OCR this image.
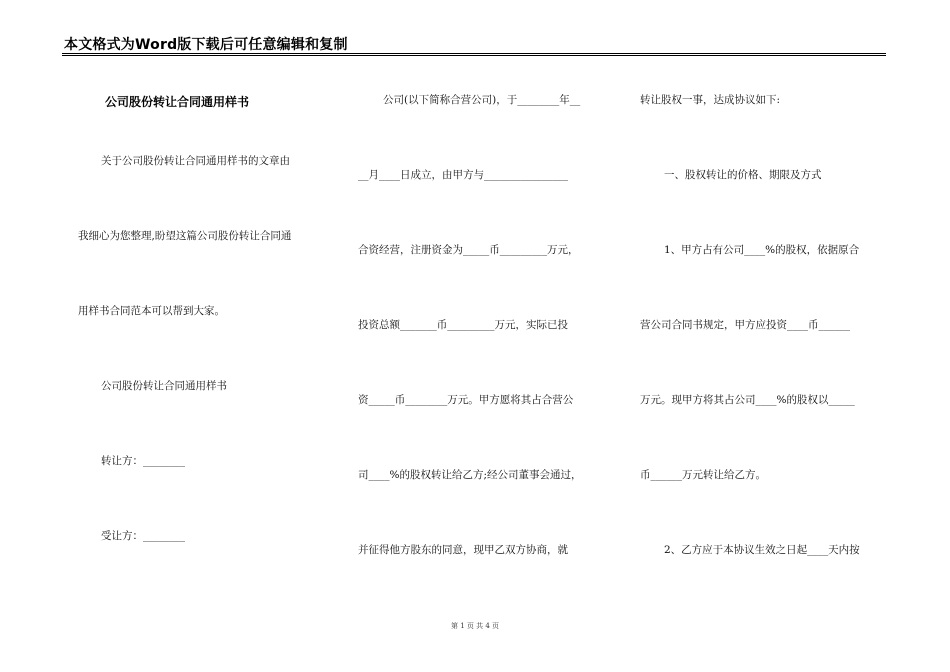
本文格式为Word版下载后可任意编辑和复制
公司股份转让合同通用样书
关于公司股份转让合同通用样书的文章由
我细心为您整理,盼望这篇公司股份转让合同通
用样书合同范本可以帮到大家。
公司股份转让合同通用样书
转让方：________
受让方：________
公司(以下简称合营公司)，于________年__
__月____日成立，由甲方与________________
合资经营，注册资金为_____币_________万元，
投资总额_______币_________万元，实际已投
资_____币________万元。甲方愿将其占合营公
司____%的股权转让给乙方;经公司董事会通过，
并征得他方股东的同意，现甲乙双方协商，就
转让股权一事，达成协议如下:
一、股权转让的价格、期限及方式
1、甲方占有公司____%的股权，依据原合
营公司合同书规定，甲方应投资____币______
万元。现甲方将其占公司____%的股权以_____
币______万元转让给乙方。
2、乙方应于本协议生效之日起____天内按
第 1 页 共 4 页
